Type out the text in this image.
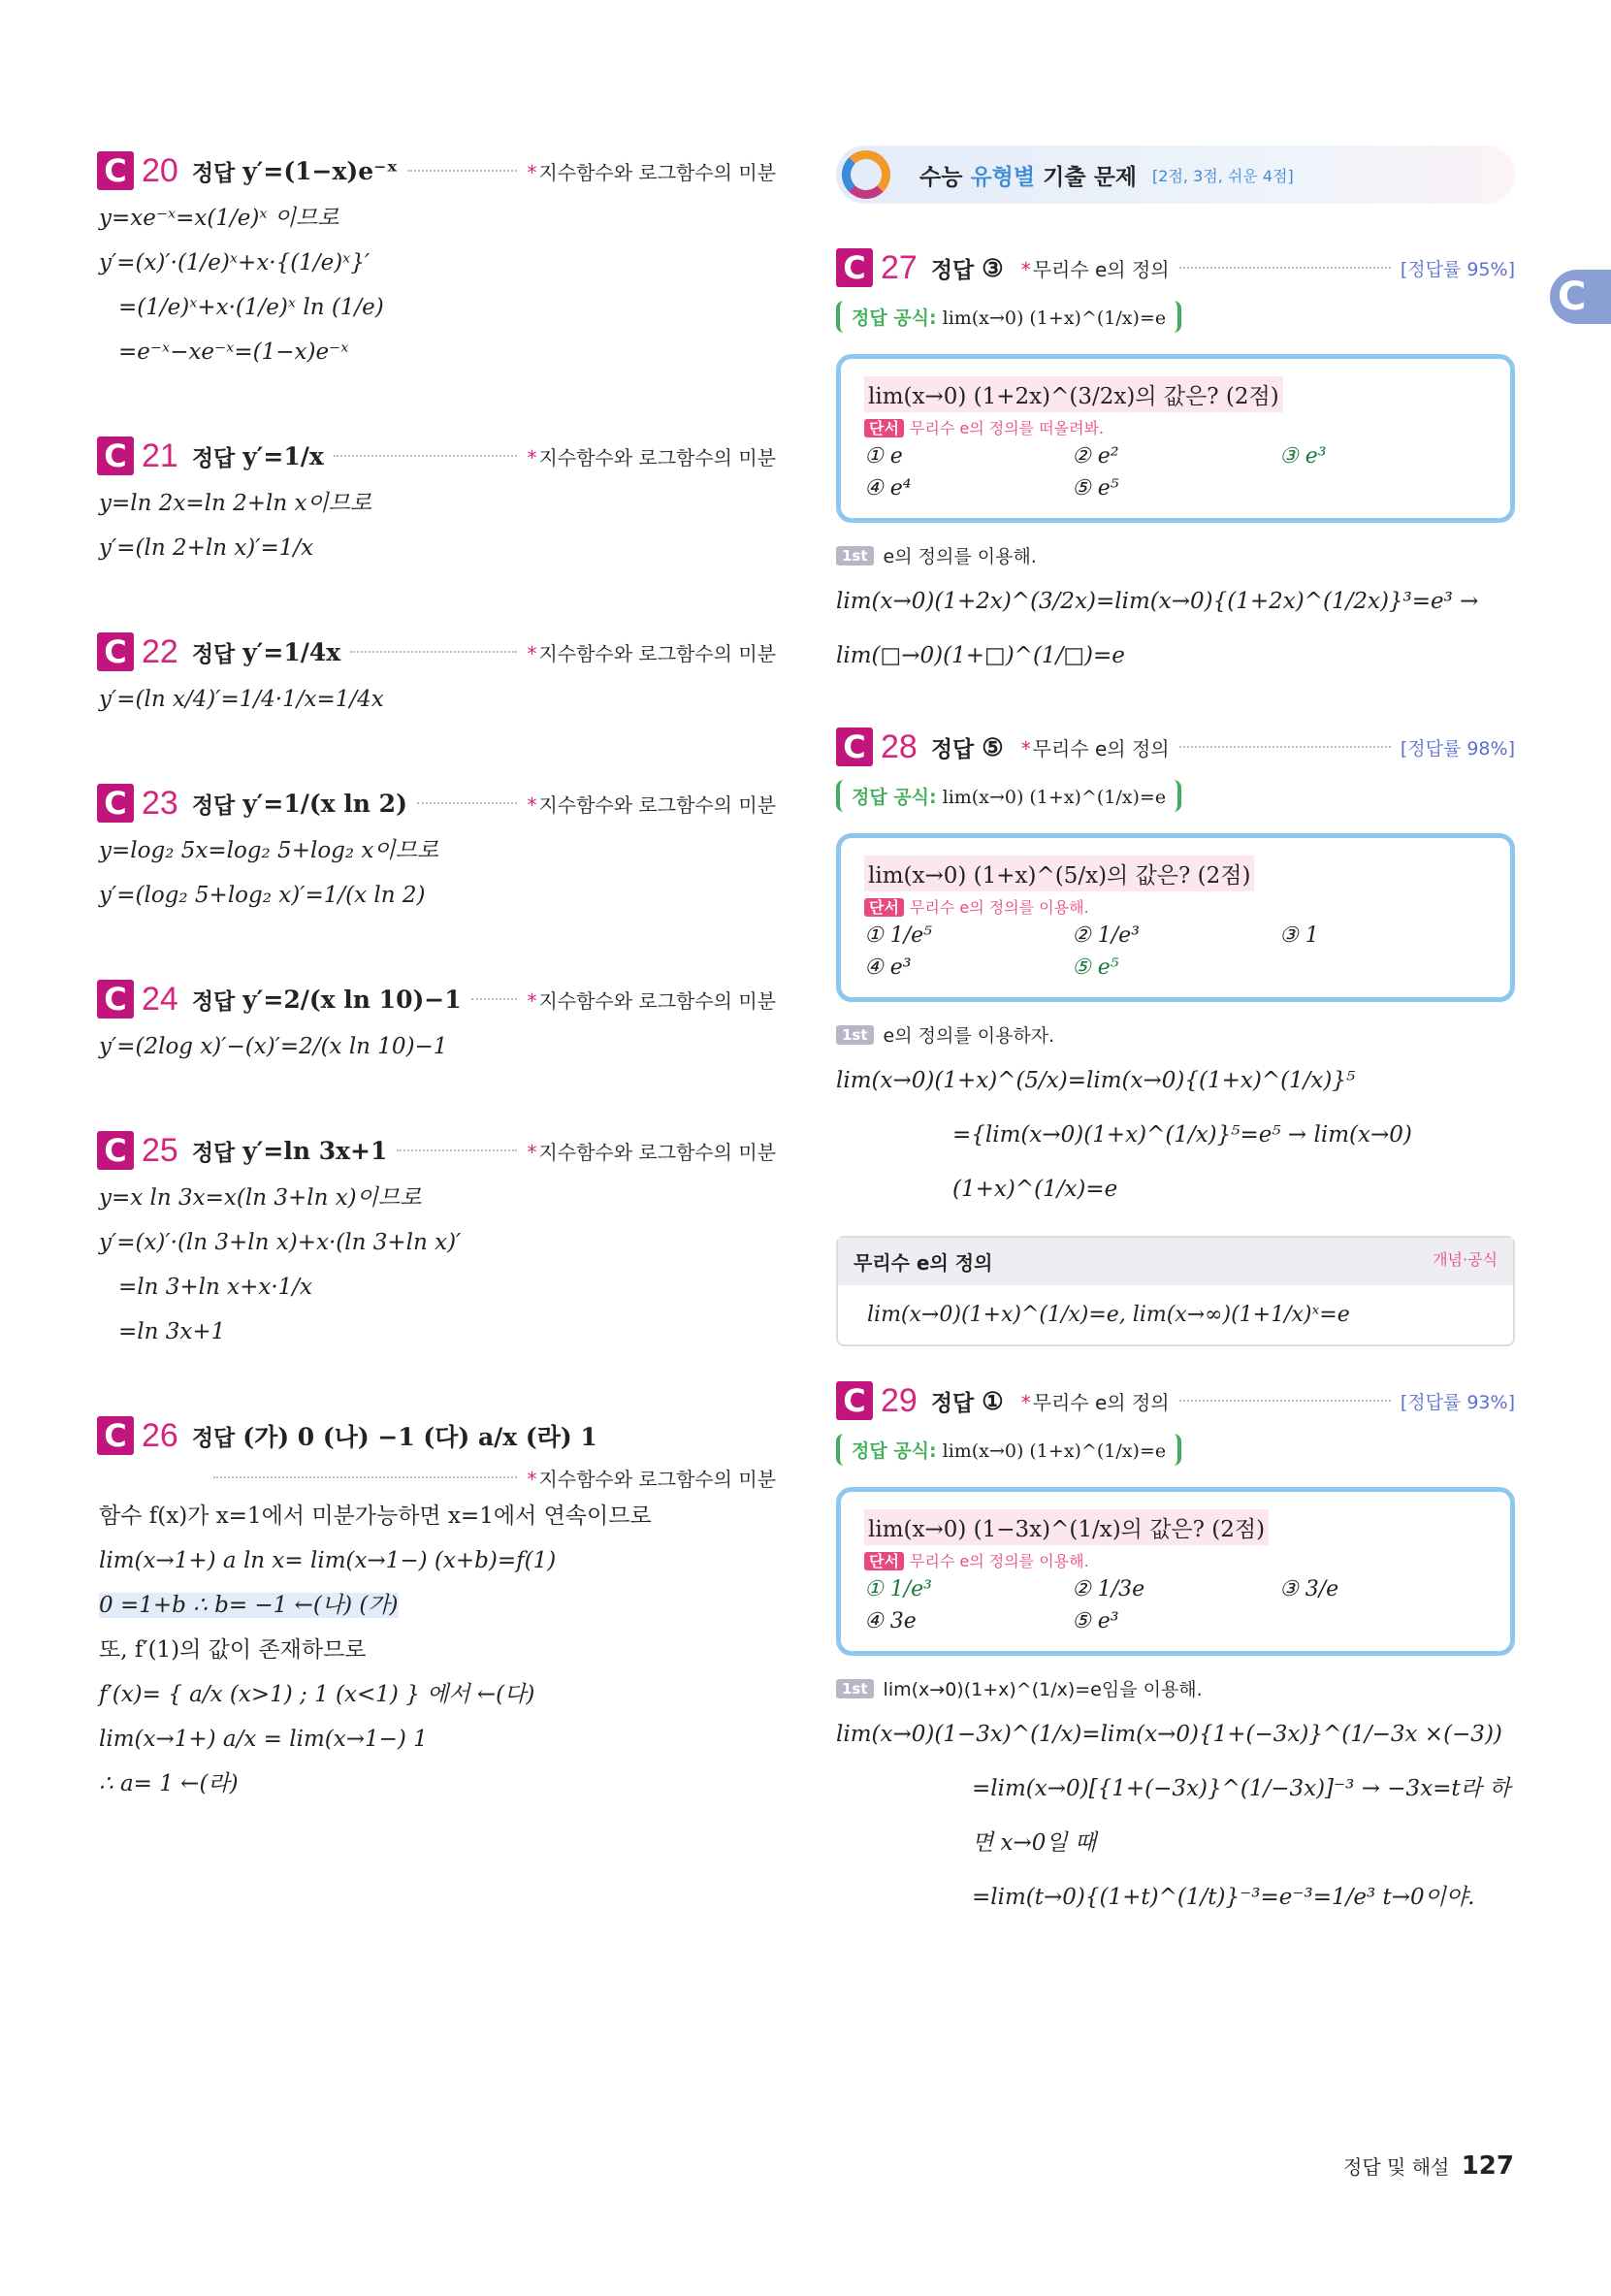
C 20 정답 y′=(1−x)e⁻ˣ	* 지수함수와 로그함수의 미분
y=xe⁻ˣ=x(1/e)ˣ 이므로
y′=(x)′·(1/e)ˣ+x·{(1/e)ˣ}′
=(1/e)ˣ+x·(1/e)ˣ ln (1/e)
=e⁻ˣ−xe⁻ˣ=(1−x)e⁻ˣ
C 21 정답 y′=1/x	* 지수함수와 로그함수의 미분
y=ln 2x=ln 2+ln x이므로
y′=(ln 2+ln x)′=1/x
C 22 정답 y′=1/4x	* 지수함수와 로그함수의 미분
y′=(ln x/4)′=1/4·1/x=1/4x
C 23 정답 y′=1/(x ln 2)	* 지수함수와 로그함수의 미분
y=log₂ 5x=log₂ 5+log₂ x이므로
y′=(log₂ 5+log₂ x)′=1/(x ln 2)
C 24 정답 y′=2/(x ln 10)−1	* 지수함수와 로그함수의 미분
y′=(2log x)′−(x)′=2/(x ln 10)−1
C 25 정답 y′=ln 3x+1	* 지수함수와 로그함수의 미분
y=x ln 3x=x(ln 3+ln x)이므로
y′=(x)′·(ln 3+ln x)+x·(ln 3+ln x)′
=ln 3+ln x+x·1/x
=ln 3x+1
C 26 정답 (가) 0 (나) −1 (다) a/x (라) 1
* 지수함수와 로그함수의 미분
함수 f(x)가 x=1에서 미분가능하면 x=1에서 연속이므로
lim(x→1+) a ln x= lim(x→1−) (x+b)=f(1)
0 =1+b ∴ b= −1 ←(나) (가)
또, f′(1)의 값이 존재하므로
f′(x)= { a/x (x>1) ; 1 (x<1) } 에서 ←(다)
lim(x→1+) a/x = lim(x→1−) 1
∴ a= 1 ←(라)
수능 유형별 기출 문제 [2점, 3점, 쉬운 4점]
C 27 정답 ③ * 무리수 e의 정의	[정답률 95%]
정답 공식: lim(x→0) (1+x)^(1/x)=e
lim(x→0) (1+2x)^(3/2x)의 값은? (2점)
단서 무리수 e의 정의를 떠올려봐.
① e	② e²	③ e³
④ e⁴	⑤ e⁵
1st e의 정의를 이용해.
lim(x→0)(1+2x)^(3/2x)=lim(x→0){(1+2x)^(1/2x)}³=e³ → lim(□→0)(1+□)^(1/□)=e
C 28 정답 ⑤ * 무리수 e의 정의	[정답률 98%]
정답 공식: lim(x→0) (1+x)^(1/x)=e
lim(x→0) (1+x)^(5/x)의 값은? (2점)
단서 무리수 e의 정의를 이용해.
① 1/e⁵	② 1/e³	③ 1
④ e³	⑤ e⁵
1st e의 정의를 이용하자.
lim(x→0)(1+x)^(5/x)=lim(x→0){(1+x)^(1/x)}⁵
={lim(x→0)(1+x)^(1/x)}⁵=e⁵ → lim(x→0)(1+x)^(1/x)=e
무리수 e의 정의	개념·공식
lim(x→0)(1+x)^(1/x)=e, lim(x→∞)(1+1/x)ˣ=e
C 29 정답 ① * 무리수 e의 정의	[정답률 93%]
정답 공식: lim(x→0) (1+x)^(1/x)=e
lim(x→0) (1−3x)^(1/x)의 값은? (2점)
단서 무리수 e의 정의를 이용해.
① 1/e³	② 1/3e	③ 3/e
④ 3e	⑤ e³
1st lim(x→0)(1+x)^(1/x)=e임을 이용해.
lim(x→0)(1−3x)^(1/x)=lim(x→0){1+(−3x)}^(1/−3x ×(−3))
=lim(x→0)[{1+(−3x)}^(1/−3x)]⁻³ → −3x=t라 하면 x→0일 때
=lim(t→0){(1+t)^(1/t)}⁻³=e⁻³=1/e³ t→0이야.
C
정답 및 해설 127
